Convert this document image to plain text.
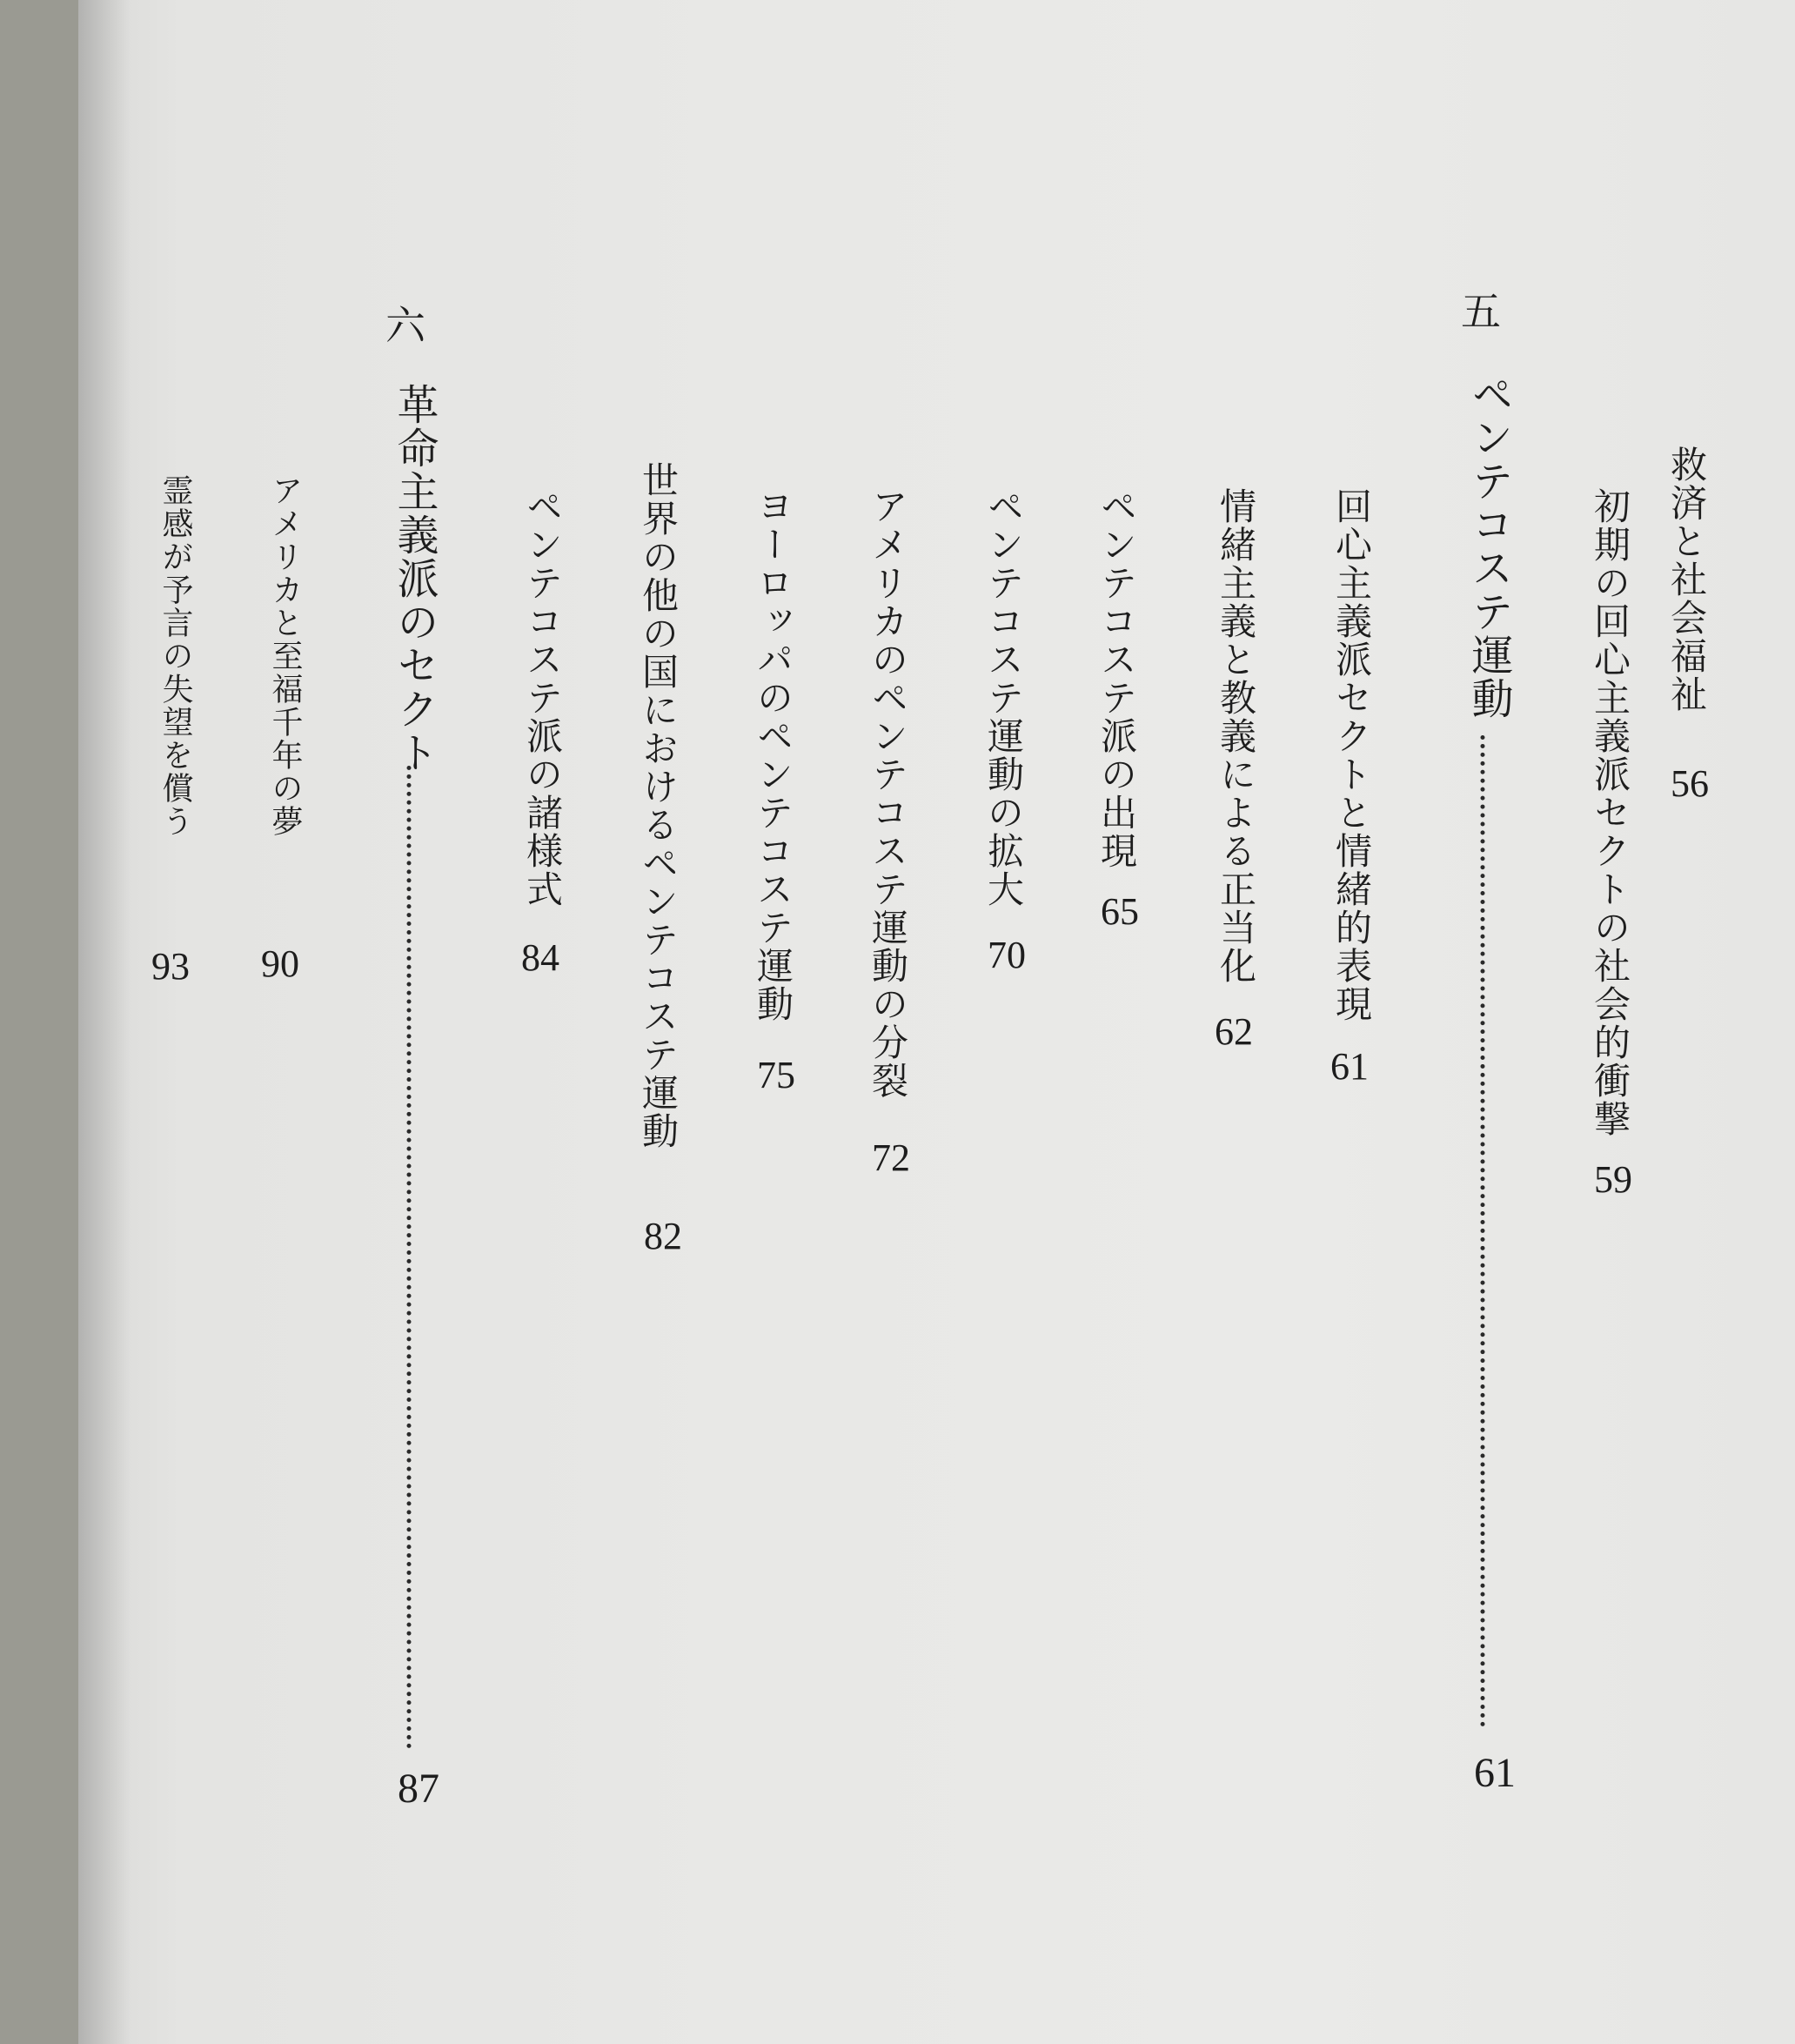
救済と社会福祉
56
初期の回心主義派セクトの社会的衝撃
59
五
ペンテコステ運動
61
回心主義派セクトと情緒的表現
61
情緒主義と教義による正当化
62
ペンテコステ派の出現
65
ペンテコステ運動の拡大
70
アメリカのペンテコステ運動の分裂
72
ヨーロッパのペンテコステ運動
75
世界の他の国におけるペンテコステ運動
82
ペンテコステ派の諸様式
84
六
革命主義派のセクト
87
アメリカと至福千年の夢
90
霊感が予言の失望を償う
93
